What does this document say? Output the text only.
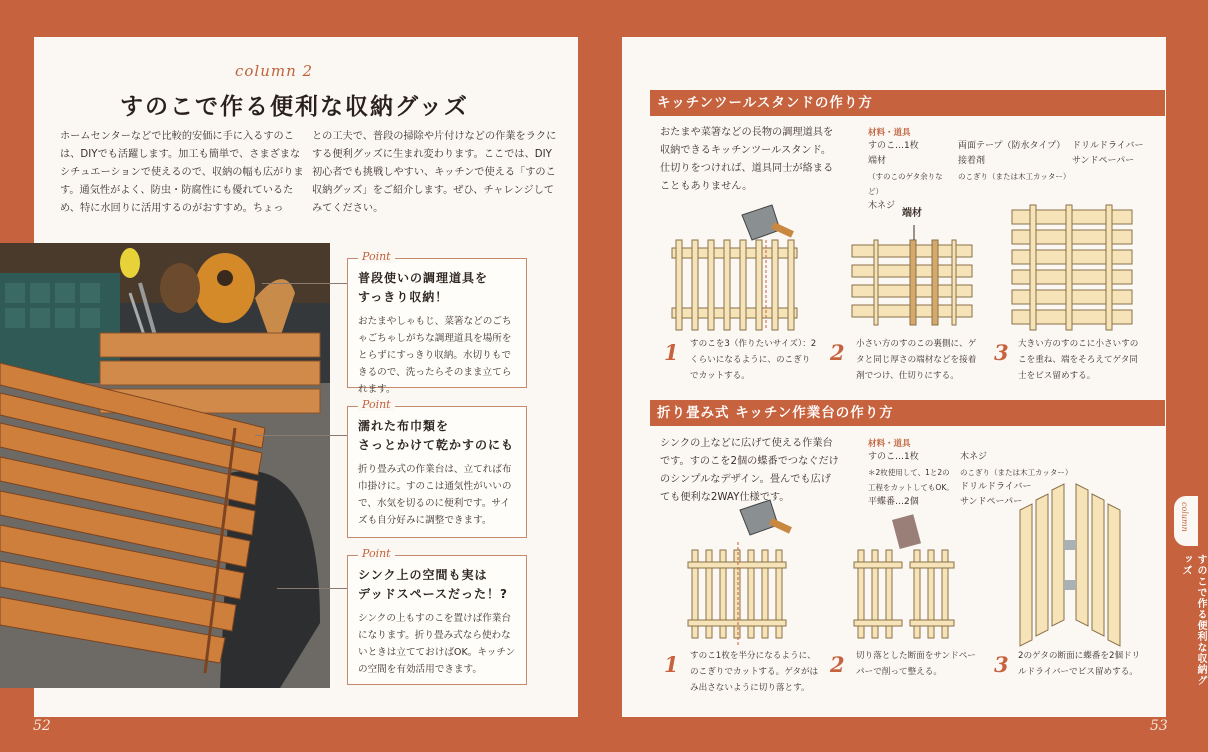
column 2
すのこで作る便利な収納グッズ
ホームセンターなどで比較的安価に手に入るすのこは、DIYでも活躍します。加工も簡単で、さまざまなシチュエーションで使えるので、収納の幅も広がります。通気性がよく、防虫・防腐性にも優れているため、特に水回りに活用するのがおすすめ。ちょっ
との工夫で、普段の掃除や片付けなどの作業をラクにする便利グッズに生まれ変わります。ここでは、DIY初心者でも挑戦しやすい、キッチンで使える「すのこ収納グッズ」をご紹介します。ぜひ、チャレンジしてみてください。
Point
普段使いの調理道具を
すっきり収納！
おたまやしゃもじ、菜箸などのごちゃごちゃしがちな調理道具を場所をとらずにすっきり収納。水切りもできるので、洗ったらそのまま立てられます。
Point
濡れた布巾類を
さっとかけて乾かすのにも
折り畳み式の作業台は、立てれば布巾掛けに。すのこは通気性がいいので、水気を切るのに便利です。サイズも自分好みに調整できます。
Point
シンク上の空間も実は
デッドスペースだった！?
シンクの上もすのこを置けば作業台になります。折り畳み式なら使わないときは立てておけばOK。キッチンの空間を有効活用できます。
52
キッチンツールスタンドの作り方
おたまや菜箸などの長物の調理道具を収納できるキッチンツールスタンド。仕切りをつければ、道具同士が絡まることもありません。
材料・道具
すのこ…1枚
端材
（すのこのゲタ余りなど）
木ネジ
両面テープ（防水タイプ）
接着剤
のこぎり（または木工カッター）
ドリルドライバー
サンドペーパー
端材
1 すのこを3（作りたいサイズ）：2くらいになるように、のこぎりでカットする。
2 小さい方のすのこの裏側に、ゲタと同じ厚さの端材などを接着剤でつけ、仕切りにする。
3 大きい方のすのこに小さいすのこを重ね、端をそろえてゲタ同士をビス留めする。
折り畳み式 キッチン作業台の作り方
シンクの上などに広げて使える作業台です。すのこを2個の蝶番でつなぐだけのシンプルなデザイン。畳んでも広げても便利な2WAY仕様です。
材料・道具
すのこ…1枚
＊2枚使用して、1と2の
工程をカットしてもOK。
平蝶番…2個
木ネジ
のこぎり（または木工カッター）
ドリルドライバー
サンドペーパー
1 すのこ1枚を半分になるように、のこぎりでカットする。ゲタがはみ出さないように切り落とす。
2 切り落とした断面をサンドペーパーで削って整える。	3 2のゲタの断面に蝶番を2個ドリルドライバーでビス留めする。
column
すのこで作る便利な収納グッズ
53
